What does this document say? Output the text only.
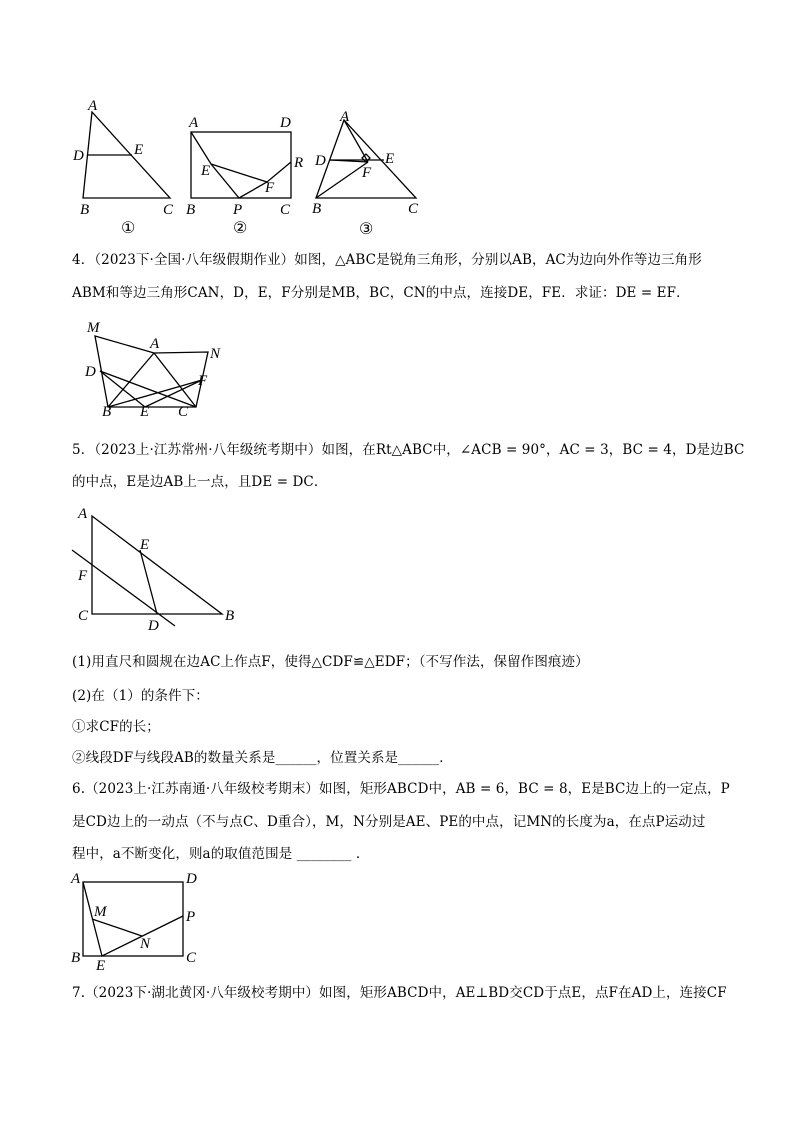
A
D	E
B	C
①
A	D
E	R
F
B	P	C
②
A
D	E
F
B	C
③
4．（2023下·全国·八年级假期作业）如图，△ABC是锐角三角形，分别以AB，AC为边向外作等边三角形
ABM和等边三角形CAN，D，E，F分别是MB，BC，CN的中点，连接DE，FE．求证：DE = EF．
M
A
N
D
F
B E C
5．（2023上·江苏常州·八年级统考期中）如图，在Rt△ABC中，∠ACB = 90°，AC = 3，BC = 4，D是边BC
的中点，E是边AB上一点，且DE = DC．
A
E
F
C
D
B
(1)用直尺和圆规在边AC上作点F，使得△CDF≌△EDF；（不写作法，保留作图痕迹）
(2)在（1）的条件下：
①求CF的长；
②线段DF与线段AB的数量关系是______，位置关系是______．
6.（2023上·江苏南通·八年级校考期末）如图，矩形ABCD中，AB = 6，BC = 8，E是BC边上的一定点，P
是CD边上的一动点（不与点C、D重合），M，N分别是AE、PE的中点，记MN的长度为a，在点P运动过
程中，a不断变化，则a的取值范围是 ________ ．
A	D
M	P
N
B E	C
7.（2023下·湖北黄冈·八年级校考期中）如图，矩形ABCD中，AE⊥BD交CD于点E，点F在AD上，连接CF
